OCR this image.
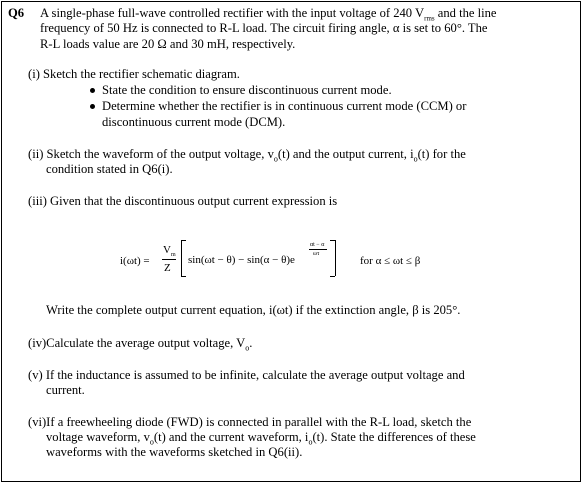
Q6 A single-phase full-wave controlled rectifier with the input voltage of 240 $V_{rms}$ and the line
frequency of 50 Hz is connected to R-L load. The circuit firing angle, α is set to 60°. The
R-L loads value are 20 Ω and 30 mH, respectively.
(i) Sketch the rectifier schematic diagram.
State the condition to ensure discontinuous current mode.
Determine whether the rectifier is in continuous current mode (CCM) or
discontinuous current mode (DCM).
(ii) Sketch the waveform of the output voltage, $v_o(t)$ and the output current, $i_o(t)$ for the
condition stated in Q6(i).
(iii) Given that the discontinuous output current expression is
i(ωt) =
$V_m$
Z
sin(ωt − θ) − sin(α − θ)e
αt − α
ωτ
for α ≤ ωt ≤ β
Write the complete output current equation, i(ωt) if the extinction angle, β is 205°.
(iv)Calculate the average output voltage, $V_o$.
(v) If the inductance is assumed to be infinite, calculate the average output voltage and
current.
(vi)If a freewheeling diode (FWD) is connected in parallel with the R-L load, sketch the
voltage waveform, $v_o(t)$ and the current waveform, $i_o(t)$. State the differences of these
waveforms with the waveforms sketched in Q6(ii).
